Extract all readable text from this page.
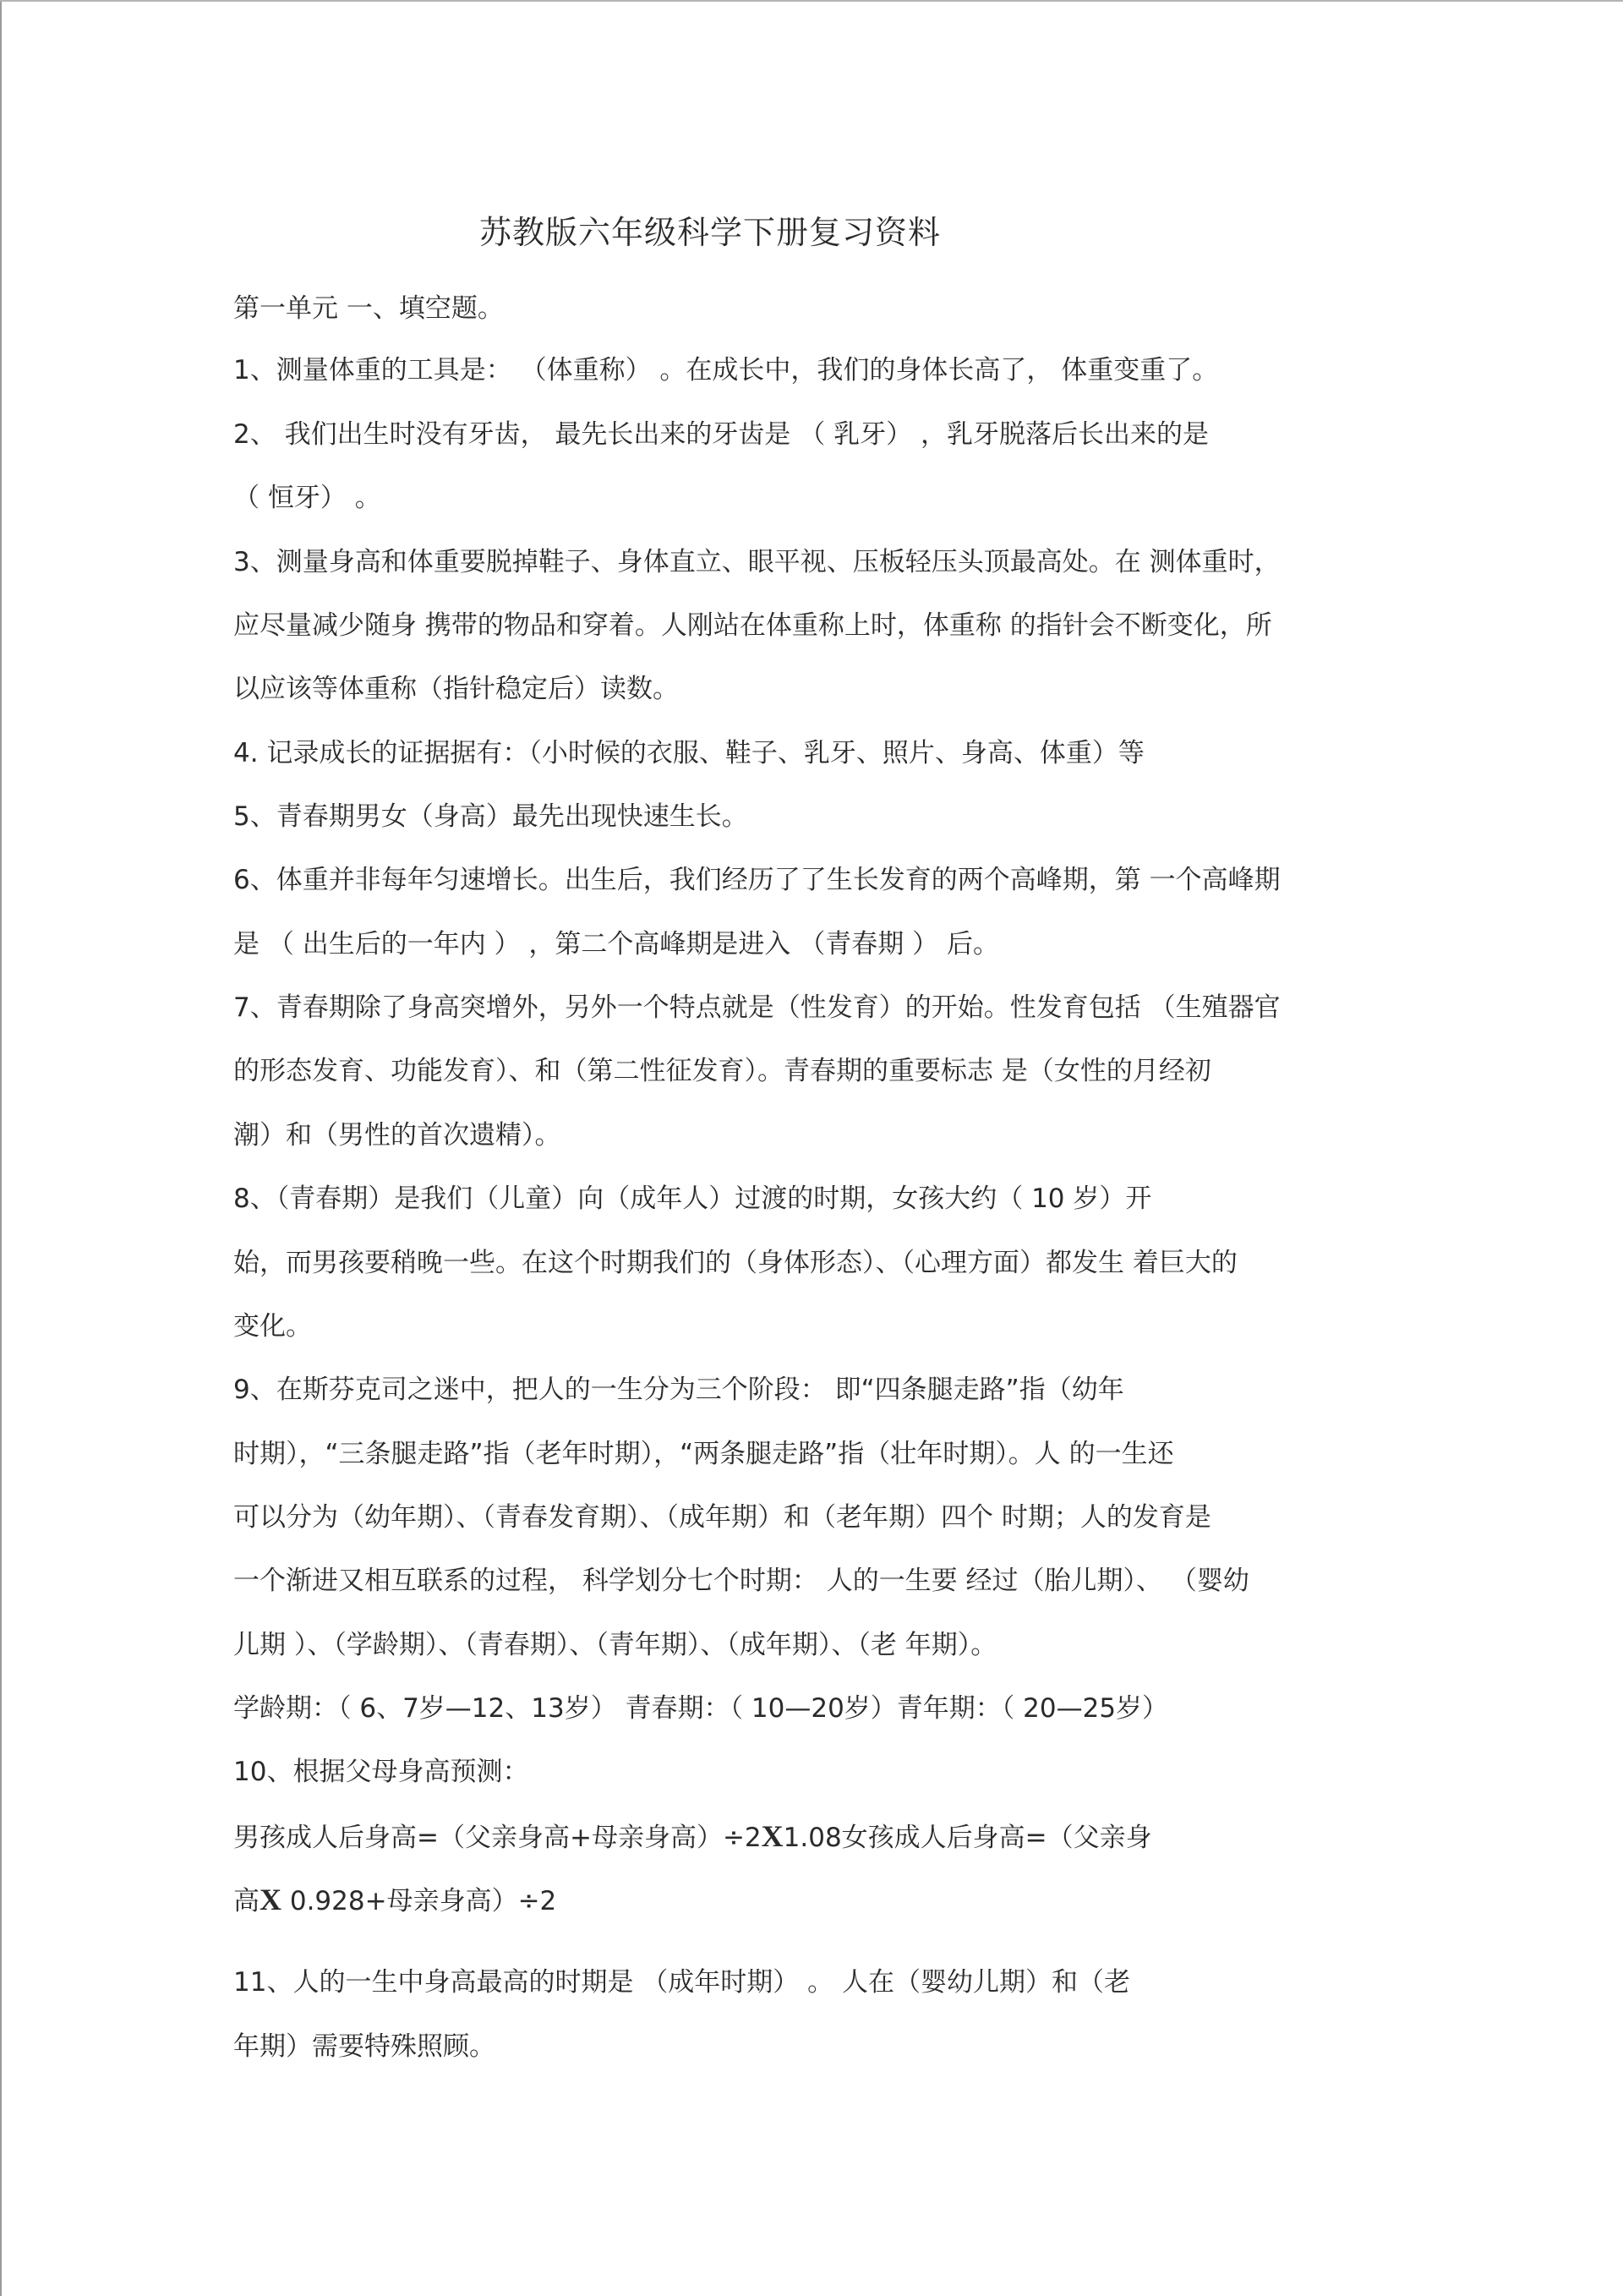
苏教版六年级科学下册复习资料
第一单元 一、填空题。
1、测量体重的工具是： （体重称） 。在成长中，我们的身体长高了， 体重变重了。
2、 我们出生时没有牙齿， 最先长出来的牙齿是 （ 乳牙） ，乳牙脱落后长出来的是
（ 恒牙） 。
3、测量身高和体重要脱掉鞋子、身体直立、眼平视、压板轻压头顶最高处。在 测体重时，
应尽量减少随身 携带的物品和穿着。人刚站在体重称上时，体重称 的指针会不断变化，所
以应该等体重称（指针稳定后）读数。
4. 记录成长的证据据有：（小时候的衣服、鞋子、乳牙、照片、身高、体重）等
5、青春期男女（身高）最先出现快速生长。
6、体重并非每年匀速增长。出生后，我们经历了了生长发育的两个高峰期，第 一个高峰期
是 （ 出生后的一年内 ） ，第二个高峰期是进入 （青春期 ） 后。
7、青春期除了身高突增外，另外一个特点就是（性发育）的开始。性发育包括 （生殖器官
的形态发育、功能发育）、和（第二性征发育）。青春期的重要标志 是（女性的月经初
潮）和（男性的首次遗精）。
8、（青春期）是我们（儿童）向（成年人）过渡的时期，女孩大约（ 10 岁）开
始，而男孩要稍晚一些。在这个时期我们的（身体形态）、（心理方面）都发生 着巨大的
变化。
9、在斯芬克司之迷中，把人的一生分为三个阶段： 即“四条腿走路”指（幼年
时期），“三条腿走路”指（老年时期），“两条腿走路”指（壮年时期）。人 的一生还
可以分为（幼年期）、（青春发育期）、（成年期）和（老年期）四个 时期；人的发育是
一个渐进又相互联系的过程， 科学划分七个时期： 人的一生要 经过（胎儿期）、 （婴幼
儿期 ）、（学龄期）、（青春期）、（青年期）、（成年期）、（老 年期）。
学龄期：（ 6、7岁—12、13岁） 青春期：（ 10—20岁）青年期：（ 20—25岁）
10、根据父母身高预测：
男孩成人后身高=（父亲身高+母亲身高）÷2X1.08女孩成人后身高=（父亲身
高X 0.928+母亲身高）÷2
11、人的一生中身高最高的时期是 （成年时期） 。 人在（婴幼儿期）和（老
年期）需要特殊照顾。
